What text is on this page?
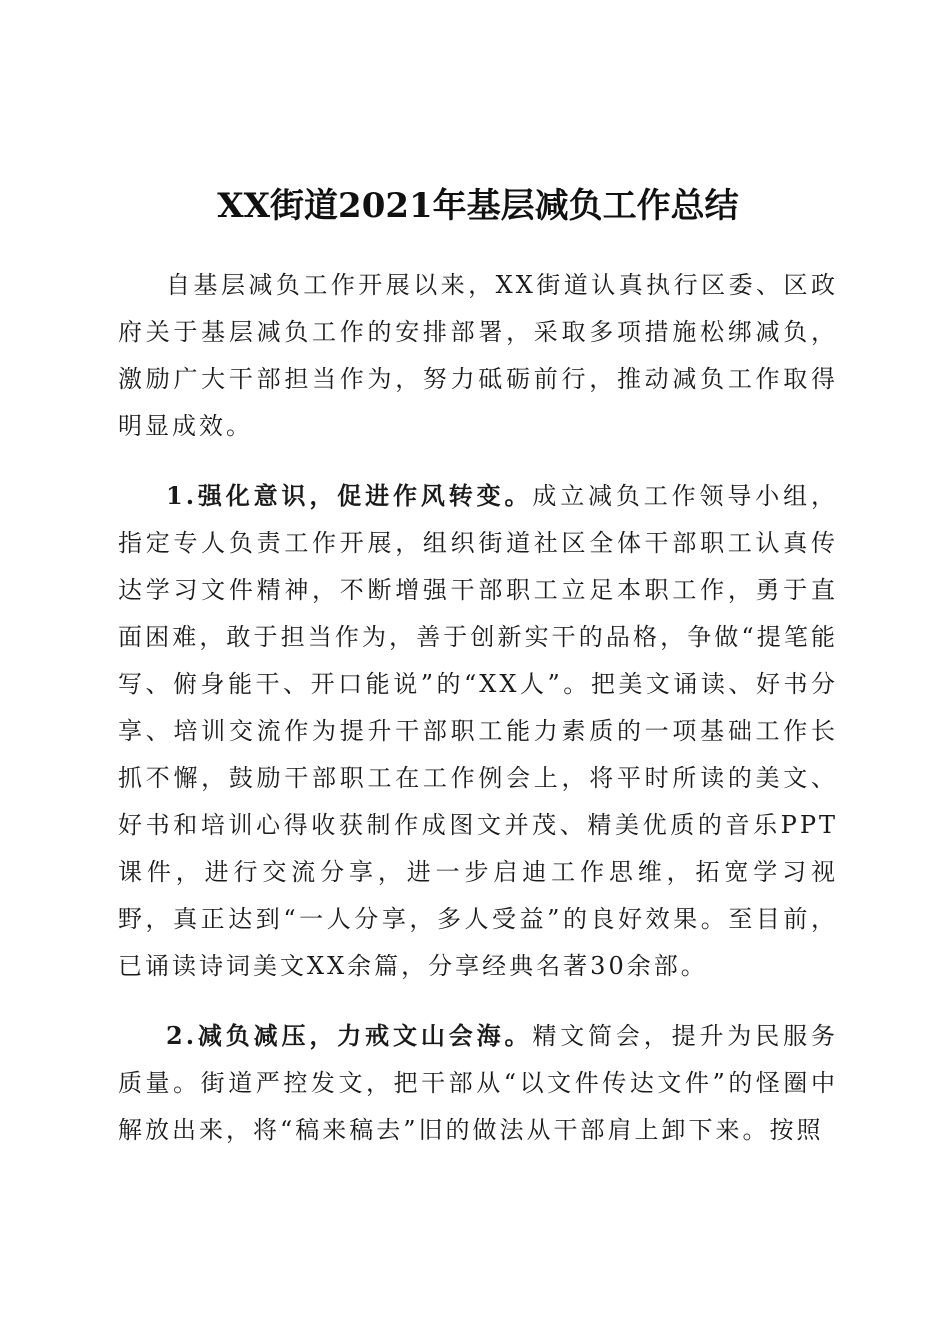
XX街道2021年基层减负工作总结

自基层减负工作开展以来，XX街道认真执行区委、区政府关于基层减负工作的安排部署，采取多项措施松绑减负，激励广大干部担当作为，努力砥砺前行，推动减负工作取得明显成效。

1.强化意识，促进作风转变。成立减负工作领导小组，指定专人负责工作开展，组织街道社区全体干部职工认真传达学习文件精神，不断增强干部职工立足本职工作，勇于直面困难，敢于担当作为，善于创新实干的品格，争做“提笔能写、俯身能干、开口能说”的“XX人”。把美文诵读、好书分享、培训交流作为提升干部职工能力素质的一项基础工作长抓不懈，鼓励干部职工在工作例会上，将平时所读的美文、好书和培训心得收获制作成图文并茂、精美优质的音乐PPT课件，进行交流分享，进一步启迪工作思维，拓宽学习视野，真正达到“一人分享，多人受益”的良好效果。至目前，已诵读诗词美文XX余篇，分享经典名著30余部。

2.减负减压，力戒文山会海。精文简会，提升为民服务质量。街道严控发文，把干部从“以文件传达文件”的怪圈中解放出来，将“稿来稿去”旧的做法从干部肩上卸下来。按照
